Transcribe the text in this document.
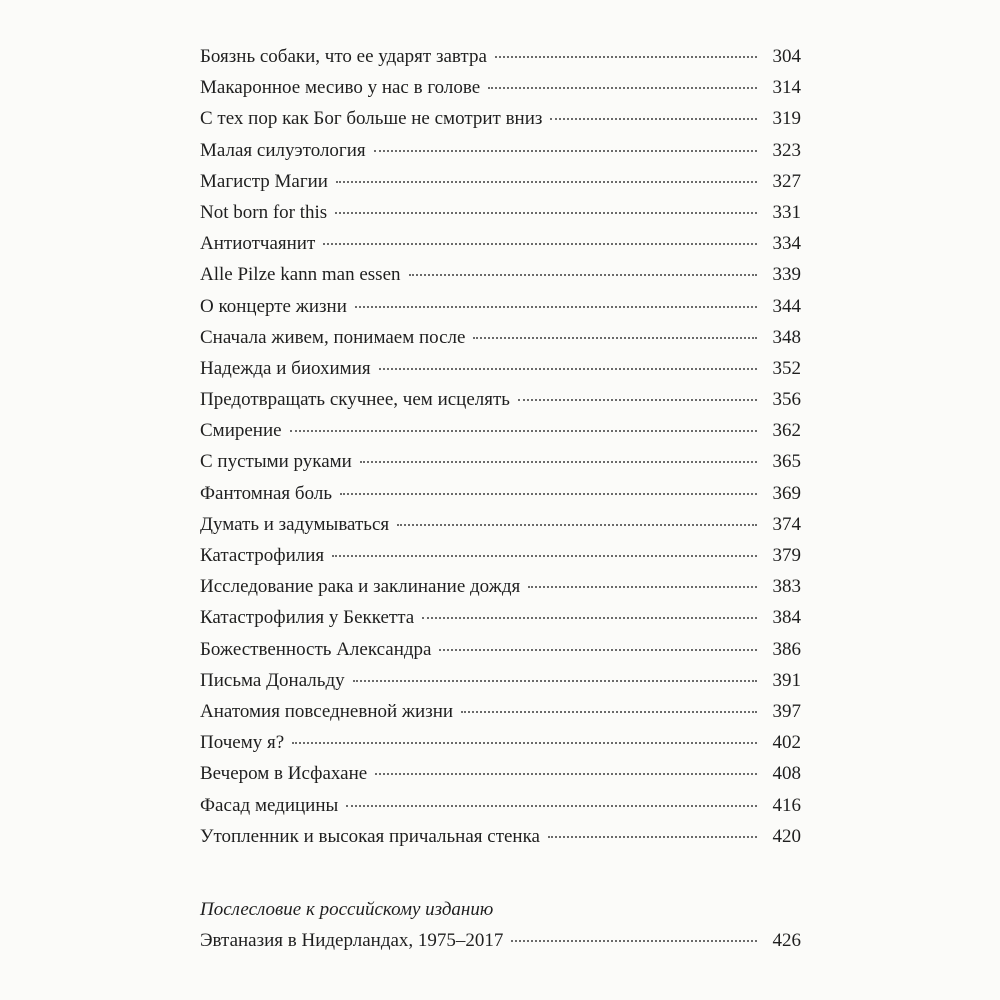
Боязнь собаки, что ее ударят завтра	304
Макаронное месиво у нас в голове	314
С тех пор как Бог больше не смотрит вниз	319
Малая силуэтология	323
Магистр Магии	327
Not born for this	331
Антиотчаянит	334
Alle Pilze kann man essen	339
О концерте жизни	344
Сначала живем, понимаем после	348
Надежда и биохимия	352
Предотвращать скучнее, чем исцелять	356
Смирение	362
С пустыми руками	365
Фантомная боль	369
Думать и задумываться	374
Катастрофилия	379
Исследование рака и заклинание дождя	383
Катастрофилия у Беккетта	384
Божественность Александра	386
Письма Дональду	391
Анатомия повседневной жизни	397
Почему я?	402
Вечером в Исфахане	408
Фасад медицины	416
Утопленник и высокая причальная стенка	420
Послесловие к российскому изданию
Эвтаназия в Нидерландах, 1975–2017	426
